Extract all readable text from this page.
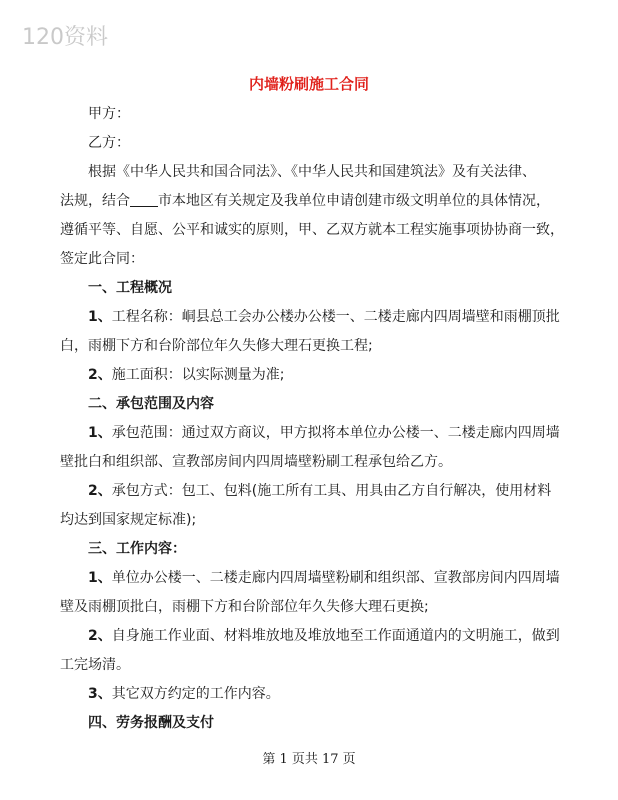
120资料
内墙粉刷施工合同
甲方：
乙方：
根据《中华人民共和国合同法》、《中华人民共和国建筑法》及有关法律、
法规，结合 市本地区有关规定及我单位申请创建市级文明单位的具体情况，
遵循平等、自愿、公平和诚实的原则，甲、乙双方就本工程实施事项协协商一致，
签定此合同：
一、工程概况
1、工程名称：峒县总工会办公楼办公楼一、二楼走廊内四周墙壁和雨棚顶批
白，雨棚下方和台阶部位年久失修大理石更换工程;
2、施工面积：以实际测量为准;
二、承包范围及内容
1、承包范围：通过双方商议，甲方拟将本单位办公楼一、二楼走廊内四周墙
壁批白和组织部、宣教部房间内四周墙壁粉刷工程承包给乙方。
2、承包方式：包工、包料(施工所有工具、用具由乙方自行解决，使用材料
均达到国家规定标准);
三、工作内容：
1、单位办公楼一、二楼走廊内四周墙壁粉刷和组织部、宣教部房间内四周墙
壁及雨棚顶批白，雨棚下方和台阶部位年久失修大理石更换;
2、自身施工作业面、材料堆放地及堆放地至工作面通道内的文明施工，做到
工完场清。
3、其它双方约定的工作内容。
四、劳务报酬及支付
第 1 页共 17 页
